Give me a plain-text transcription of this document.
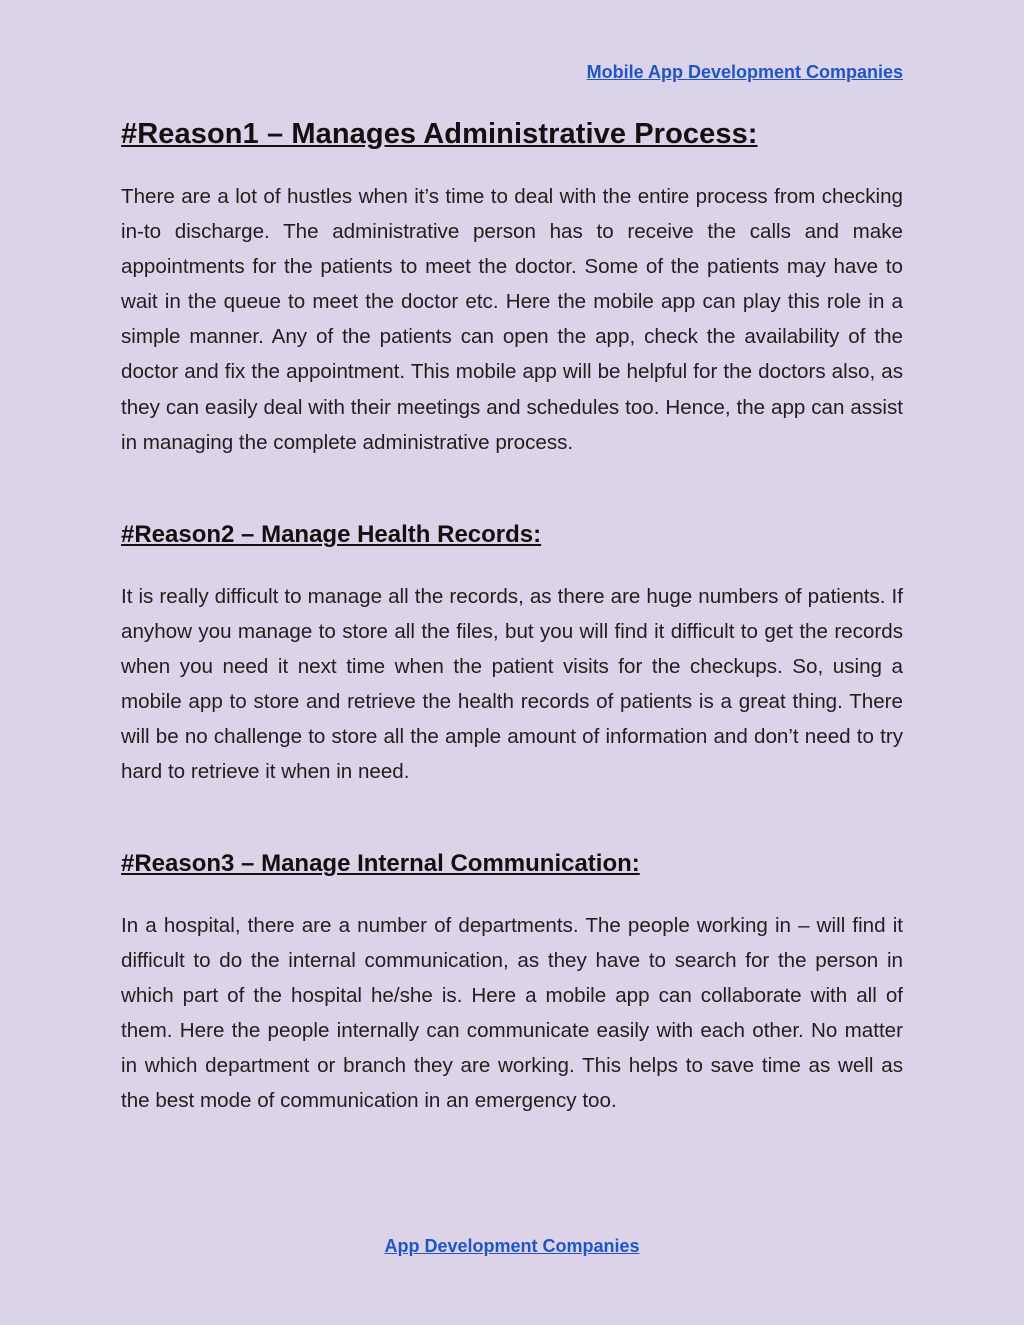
Mobile App Development Companies
#Reason1 – Manages Administrative Process:

There are a lot of hustles when it’s time to deal with the entire process from checking in-to discharge. The administrative person has to receive the calls and make appointments for the patients to meet the doctor. Some of the patients may have to wait in the queue to meet the doctor etc. Here the mobile app can play this role in a simple manner. Any of the patients can open the app, check the availability of the doctor and fix the appointment. This mobile app will be helpful for the doctors also, as they can easily deal with their meetings and schedules too. Hence, the app can assist in managing the complete administrative process.

#Reason2 – Manage Health Records:

It is really difficult to manage all the records, as there are huge numbers of patients. If anyhow you manage to store all the files, but you will find it difficult to get the records when you need it next time when the patient visits for the checkups. So, using a mobile app to store and retrieve the health records of patients is a great thing. There will be no challenge to store all the ample amount of information and don’t need to try hard to retrieve it when in need.

#Reason3 – Manage Internal Communication:

In a hospital, there are a number of departments. The people working in – will find it difficult to do the internal communication, as they have to search for the person in which part of the hospital he/she is. Here a mobile app can collaborate with all of them. Here the people internally can communicate easily with each other. No matter in which department or branch they are working. This helps to save time as well as the best mode of communication in an emergency too.

App Development Companies
